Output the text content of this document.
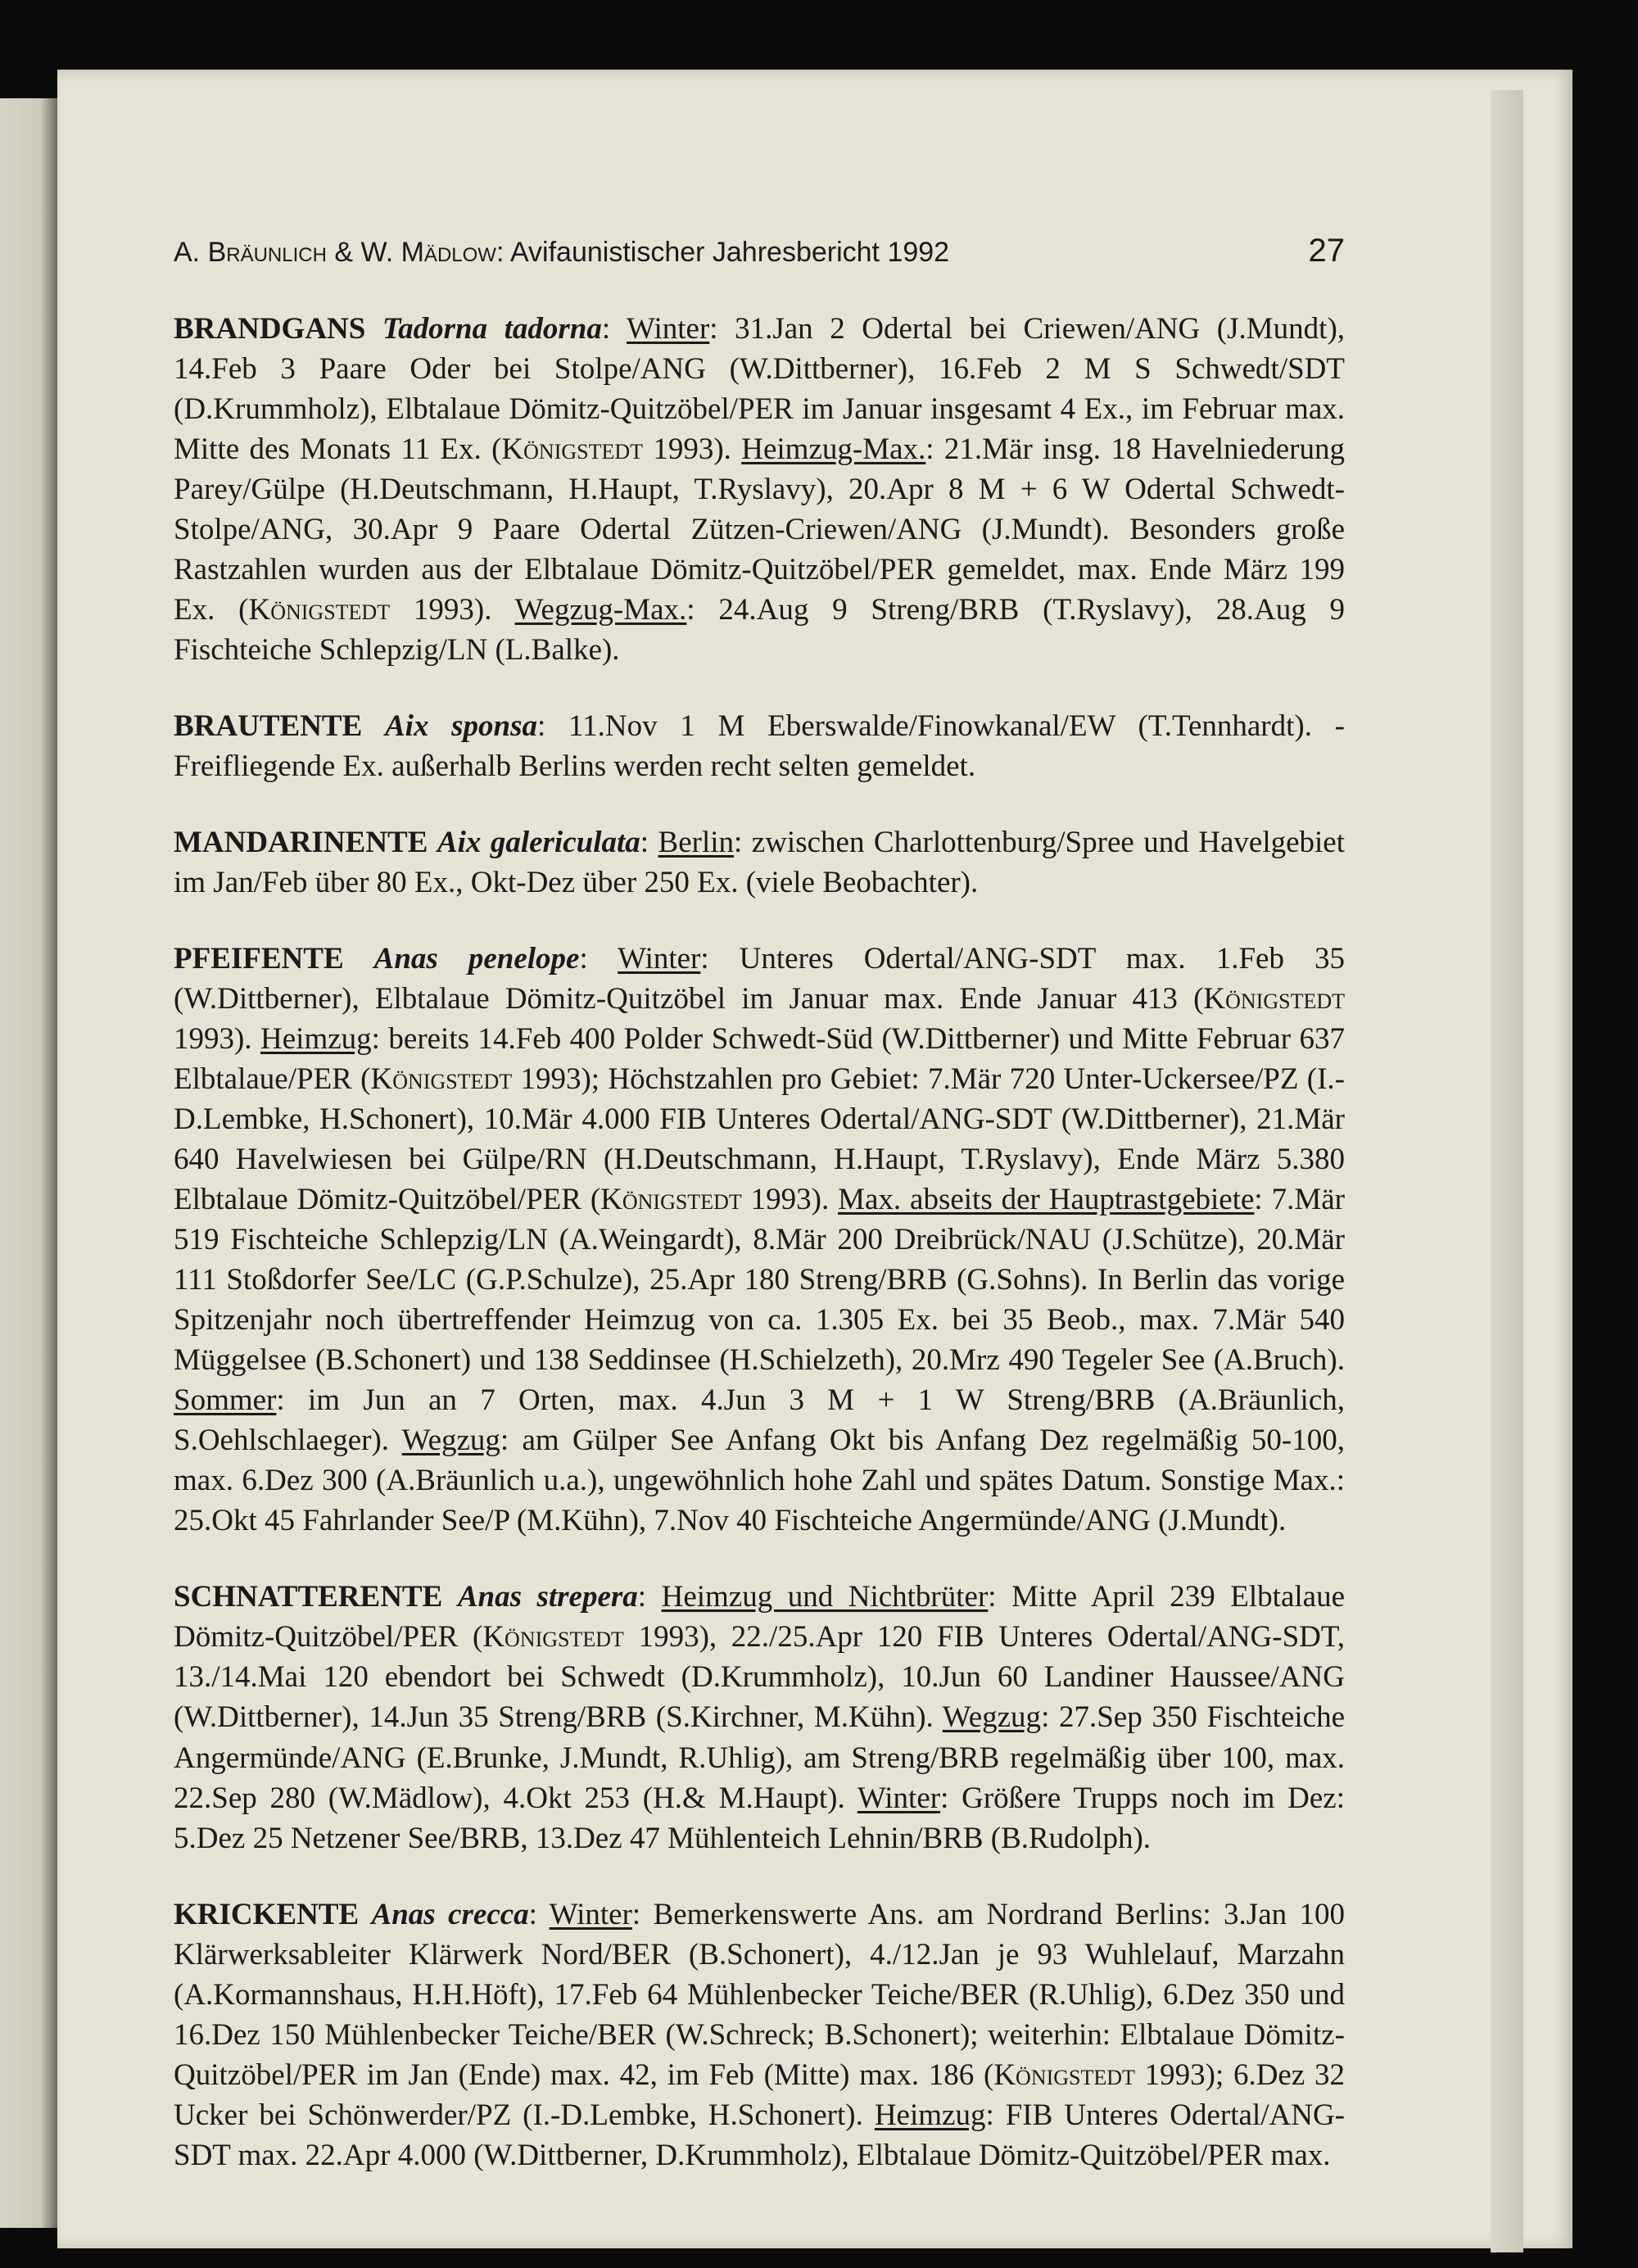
A. Bräunlich & W. Mädlow: Avifaunistischer Jahresbericht 1992	27

BRANDGANS Tadorna tadorna: Winter: 31.Jan 2 Odertal bei Criewen/ANG (J.Mundt), 14.Feb 3 Paare Oder bei Stolpe/ANG (W.Dittberner), 16.Feb 2 M S Schwedt/SDT (D.Krummholz), Elbtalaue Dömitz-Quitzöbel/PER im Januar insgesamt 4 Ex., im Februar max. Mitte des Monats 11 Ex. (Königstedt 1993). Heimzug-Max.: 21.Mär insg. 18 Havelniederung Parey/Gülpe (H.Deutschmann, H.Haupt, T.Ryslavy), 20.Apr 8 M + 6 W Odertal Schwedt-Stolpe/ANG, 30.Apr 9 Paare Odertal Zützen-Criewen/ANG (J.Mundt). Besonders große Rastzahlen wurden aus der Elbtalaue Dömitz-Quitzöbel/PER gemeldet, max. Ende März 199 Ex. (Königstedt 1993). Wegzug-Max.: 24.Aug 9 Streng/BRB (T.Ryslavy), 28.Aug 9 Fischteiche Schlepzig/LN (L.Balke).

BRAUTENTE Aix sponsa: 11.Nov 1 M Eberswalde/Finowkanal/EW (T.Tennhardt). - Freifliegende Ex. außerhalb Berlins werden recht selten gemeldet.

MANDARINENTE Aix galericulata: Berlin: zwischen Charlottenburg/Spree und Havelgebiet im Jan/Feb über 80 Ex., Okt-Dez über 250 Ex. (viele Beobachter).

PFEIFENTE Anas penelope: Winter: Unteres Odertal/ANG-SDT max. 1.Feb 35 (W.Dittberner), Elbtalaue Dömitz-Quitzöbel im Januar max. Ende Januar 413 (Königstedt 1993). Heimzug: bereits 14.Feb 400 Polder Schwedt-Süd (W.Dittberner) und Mitte Februar 637 Elbtalaue/PER (Königstedt 1993); Höchstzahlen pro Gebiet: 7.Mär 720 Unter-Uckersee/PZ (I.-D.Lembke, H.Schonert), 10.Mär 4.000 FIB Unteres Odertal/ANG-SDT (W.Dittberner), 21.Mär 640 Havelwiesen bei Gülpe/RN (H.Deutschmann, H.Haupt, T.Ryslavy), Ende März 5.380 Elbtalaue Dömitz-Quitzöbel/PER (Königstedt 1993). Max. abseits der Hauptrastgebiete: 7.Mär 519 Fischteiche Schlepzig/LN (A.Weingardt), 8.Mär 200 Dreibrück/NAU (J.Schütze), 20.Mär 111 Stoßdorfer See/LC (G.P.Schulze), 25.Apr 180 Streng/BRB (G.Sohns). In Berlin das vorige Spitzenjahr noch übertreffender Heimzug von ca. 1.305 Ex. bei 35 Beob., max. 7.Mär 540 Müggelsee (B.Schonert) und 138 Seddinsee (H.Schielzeth), 20.Mrz 490 Tegeler See (A.Bruch). Sommer: im Jun an 7 Orten, max. 4.Jun 3 M + 1 W Streng/BRB (A.Bräunlich, S.Oehlschlaeger). Wegzug: am Gülper See Anfang Okt bis Anfang Dez regelmäßig 50-100, max. 6.Dez 300 (A.Bräunlich u.a.), ungewöhnlich hohe Zahl und spätes Datum. Sonstige Max.: 25.Okt 45 Fahrlander See/P (M.Kühn), 7.Nov 40 Fischteiche Angermünde/ANG (J.Mundt).

SCHNATTERENTE Anas strepera: Heimzug und Nichtbrüter: Mitte April 239 Elbtalaue Dömitz-Quitzöbel/PER (Königstedt 1993), 22./25.Apr 120 FIB Unteres Odertal/ANG-SDT, 13./14.Mai 120 ebendort bei Schwedt (D.Krummholz), 10.Jun 60 Landiner Haussee/ANG (W.Dittberner), 14.Jun 35 Streng/BRB (S.Kirchner, M.Kühn). Wegzug: 27.Sep 350 Fischteiche Angermünde/ANG (E.Brunke, J.Mundt, R.Uhlig), am Streng/BRB regelmäßig über 100, max. 22.Sep 280 (W.Mädlow), 4.Okt 253 (H.& M.Haupt). Winter: Größere Trupps noch im Dez: 5.Dez 25 Netzener See/BRB, 13.Dez 47 Mühlenteich Lehnin/BRB (B.Rudolph).

KRICKENTE Anas crecca: Winter: Bemerkenswerte Ans. am Nordrand Berlins: 3.Jan 100 Klärwerksableiter Klärwerk Nord/BER (B.Schonert), 4./12.Jan je 93 Wuhlelauf, Marzahn (A.Kormannshaus, H.H.Höft), 17.Feb 64 Mühlenbecker Teiche/BER (R.Uhlig), 6.Dez 350 und 16.Dez 150 Mühlenbecker Teiche/BER (W.Schreck; B.Schonert); weiterhin: Elbtalaue Dömitz-Quitzöbel/PER im Jan (Ende) max. 42, im Feb (Mitte) max. 186 (Königstedt 1993); 6.Dez 32 Ucker bei Schönwerder/PZ (I.-D.Lembke, H.Schonert). Heimzug: FIB Unteres Odertal/ANG-SDT max. 22.Apr 4.000 (W.Dittberner, D.Krummholz), Elbtalaue Dömitz-Quitzöbel/PER max.
